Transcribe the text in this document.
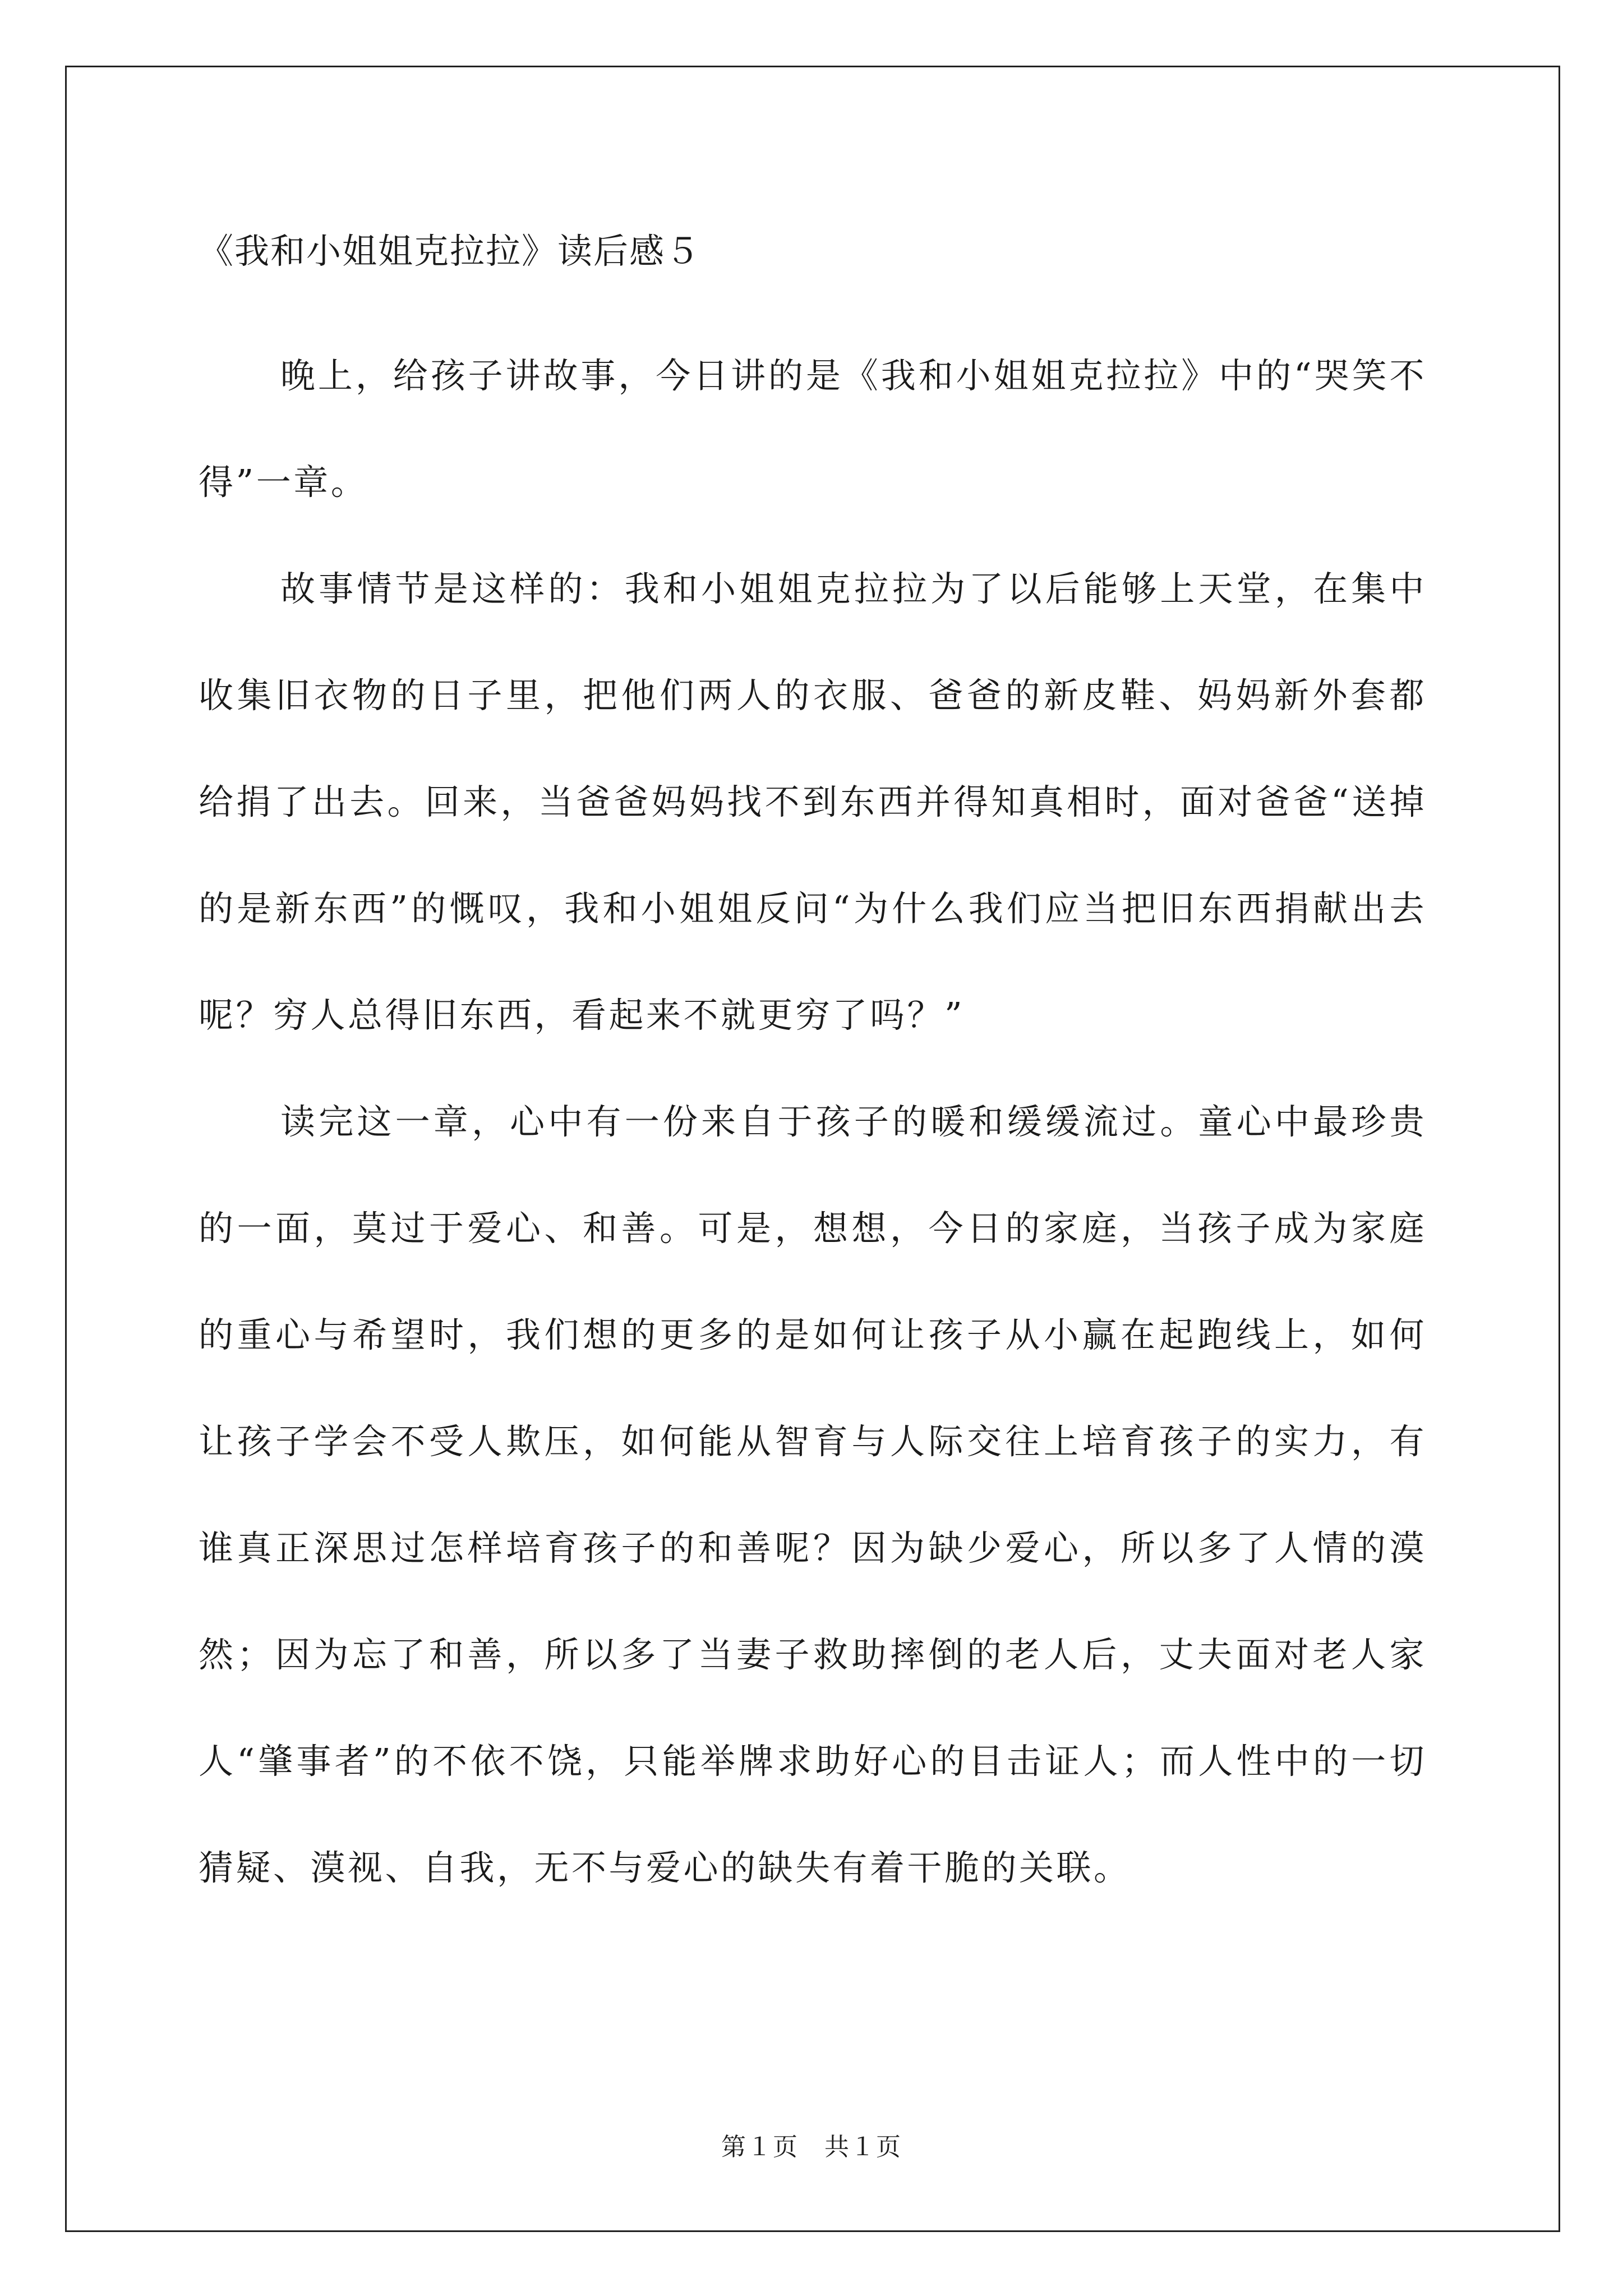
《我和小姐姐克拉拉》读后感５

晚上，给孩子讲故事，今日讲的是《我和小姐姐克拉拉》中的“哭笑不得”一章。

故事情节是这样的：我和小姐姐克拉拉为了以后能够上天堂，在集中收集旧衣物的日子里，把他们两人的衣服、爸爸的新皮鞋、妈妈新外套都给捐了出去。回来，当爸爸妈妈找不到东西并得知真相时，面对爸爸“送掉的是新东西”的慨叹，我和小姐姐反问“为什么我们应当把旧东西捐献出去呢？穷人总得旧东西，看起来不就更穷了吗？”

读完这一章，心中有一份来自于孩子的暖和缓缓流过。童心中最珍贵的一面，莫过于爱心、和善。可是，想想，今日的家庭，当孩子成为家庭的重心与希望时，我们想的更多的是如何让孩子从小赢在起跑线上，如何让孩子学会不受人欺压，如何能从智育与人际交往上培育孩子的实力，有谁真正深思过怎样培育孩子的和善呢？因为缺少爱心，所以多了人情的漠然；因为忘了和善，所以多了当妻子救助摔倒的老人后，丈夫面对老人家人“肇事者”的不依不饶，只能举牌求助好心的目击证人；而人性中的一切猜疑、漠视、自我，无不与爱心的缺失有着干脆的关联。

第１页　共１页
